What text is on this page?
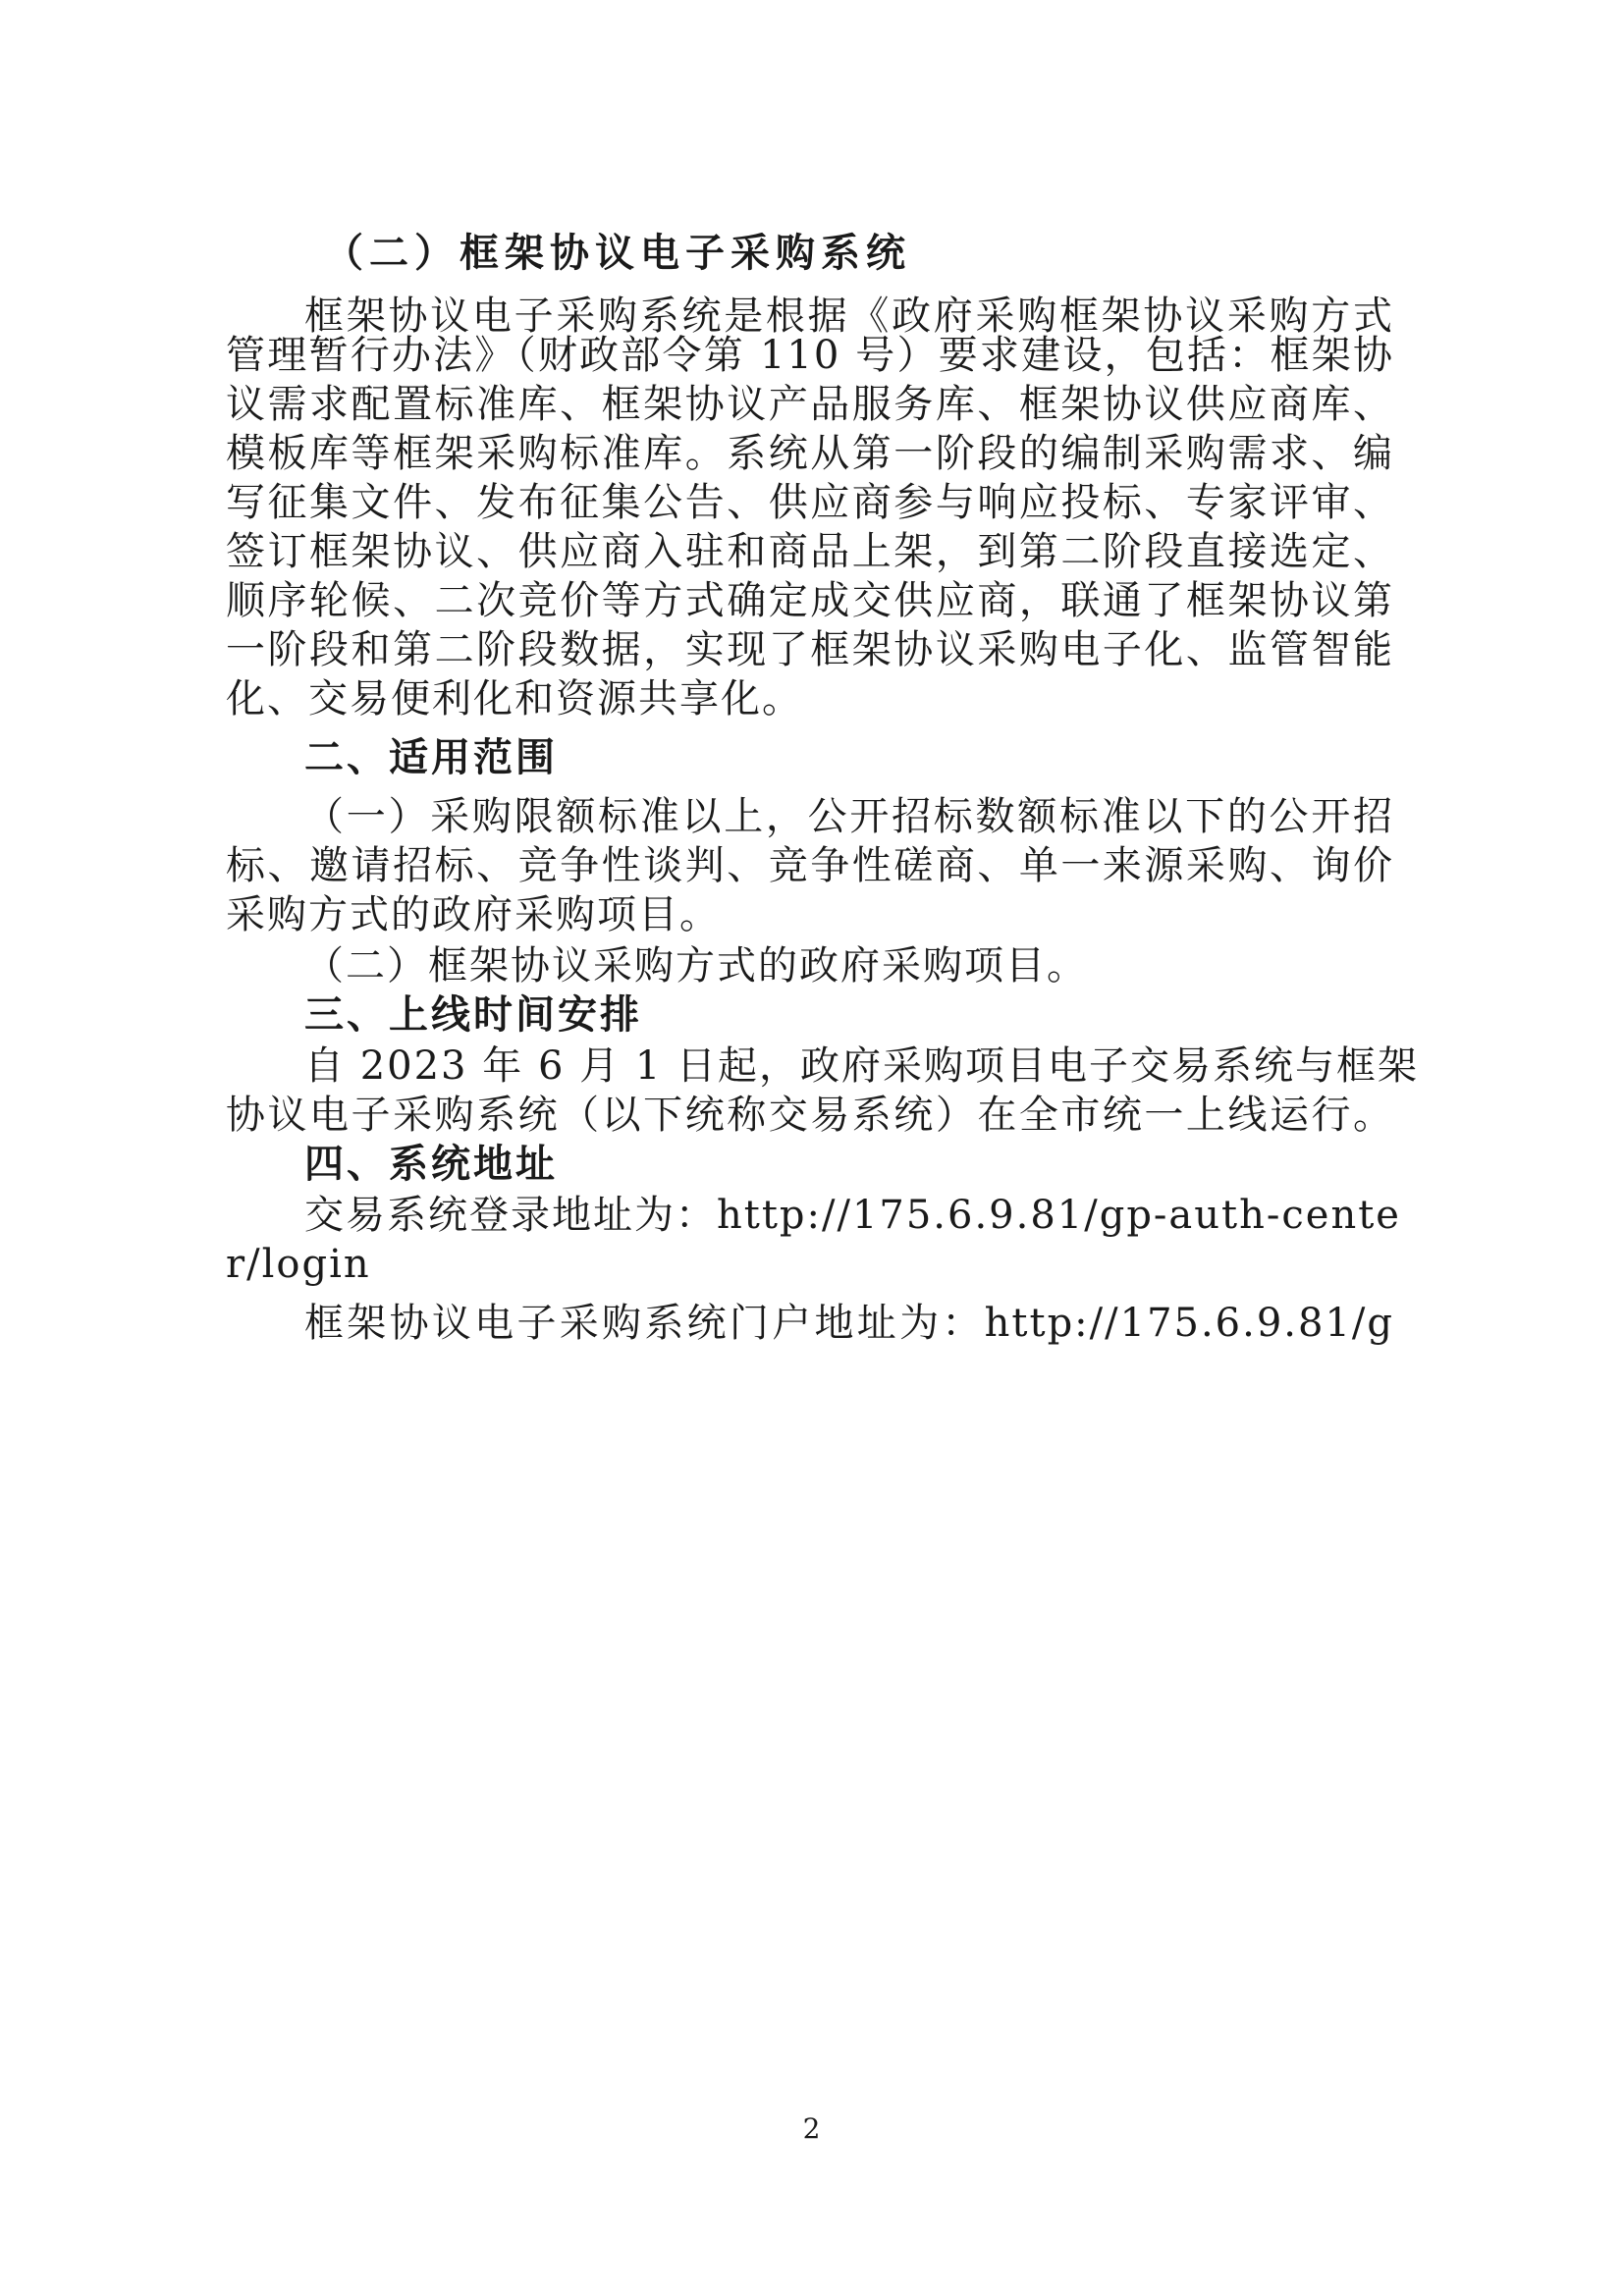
（二）框架协议电子采购系统
框架协议电子采购系统是根据《政府采购框架协议采购方式
管理暂行办法》（财政部令第 110 号）要求建设，包括：框架协
议需求配置标准库、框架协议产品服务库、框架协议供应商库、
模板库等框架采购标准库。系统从第一阶段的编制采购需求、编
写征集文件、发布征集公告、供应商参与响应投标、专家评审、
签订框架协议、供应商入驻和商品上架，到第二阶段直接选定、
顺序轮候、二次竞价等方式确定成交供应商，联通了框架协议第
一阶段和第二阶段数据，实现了框架协议采购电子化、监管智能
化、交易便利化和资源共享化。
二、适用范围
（一）采购限额标准以上，公开招标数额标准以下的公开招
标、邀请招标、竞争性谈判、竞争性磋商、单一来源采购、询价
采购方式的政府采购项目。
（二）框架协议采购方式的政府采购项目。
三、上线时间安排
自 2023 年 6 月 1 日起，政府采购项目电子交易系统与框架
协议电子采购系统（以下统称交易系统）在全市统一上线运行。
四、系统地址
交易系统登录地址为：http://175.6.9.81/gp-auth-cente
r/login
框架协议电子采购系统门户地址为：http://175.6.9.81/g
2
